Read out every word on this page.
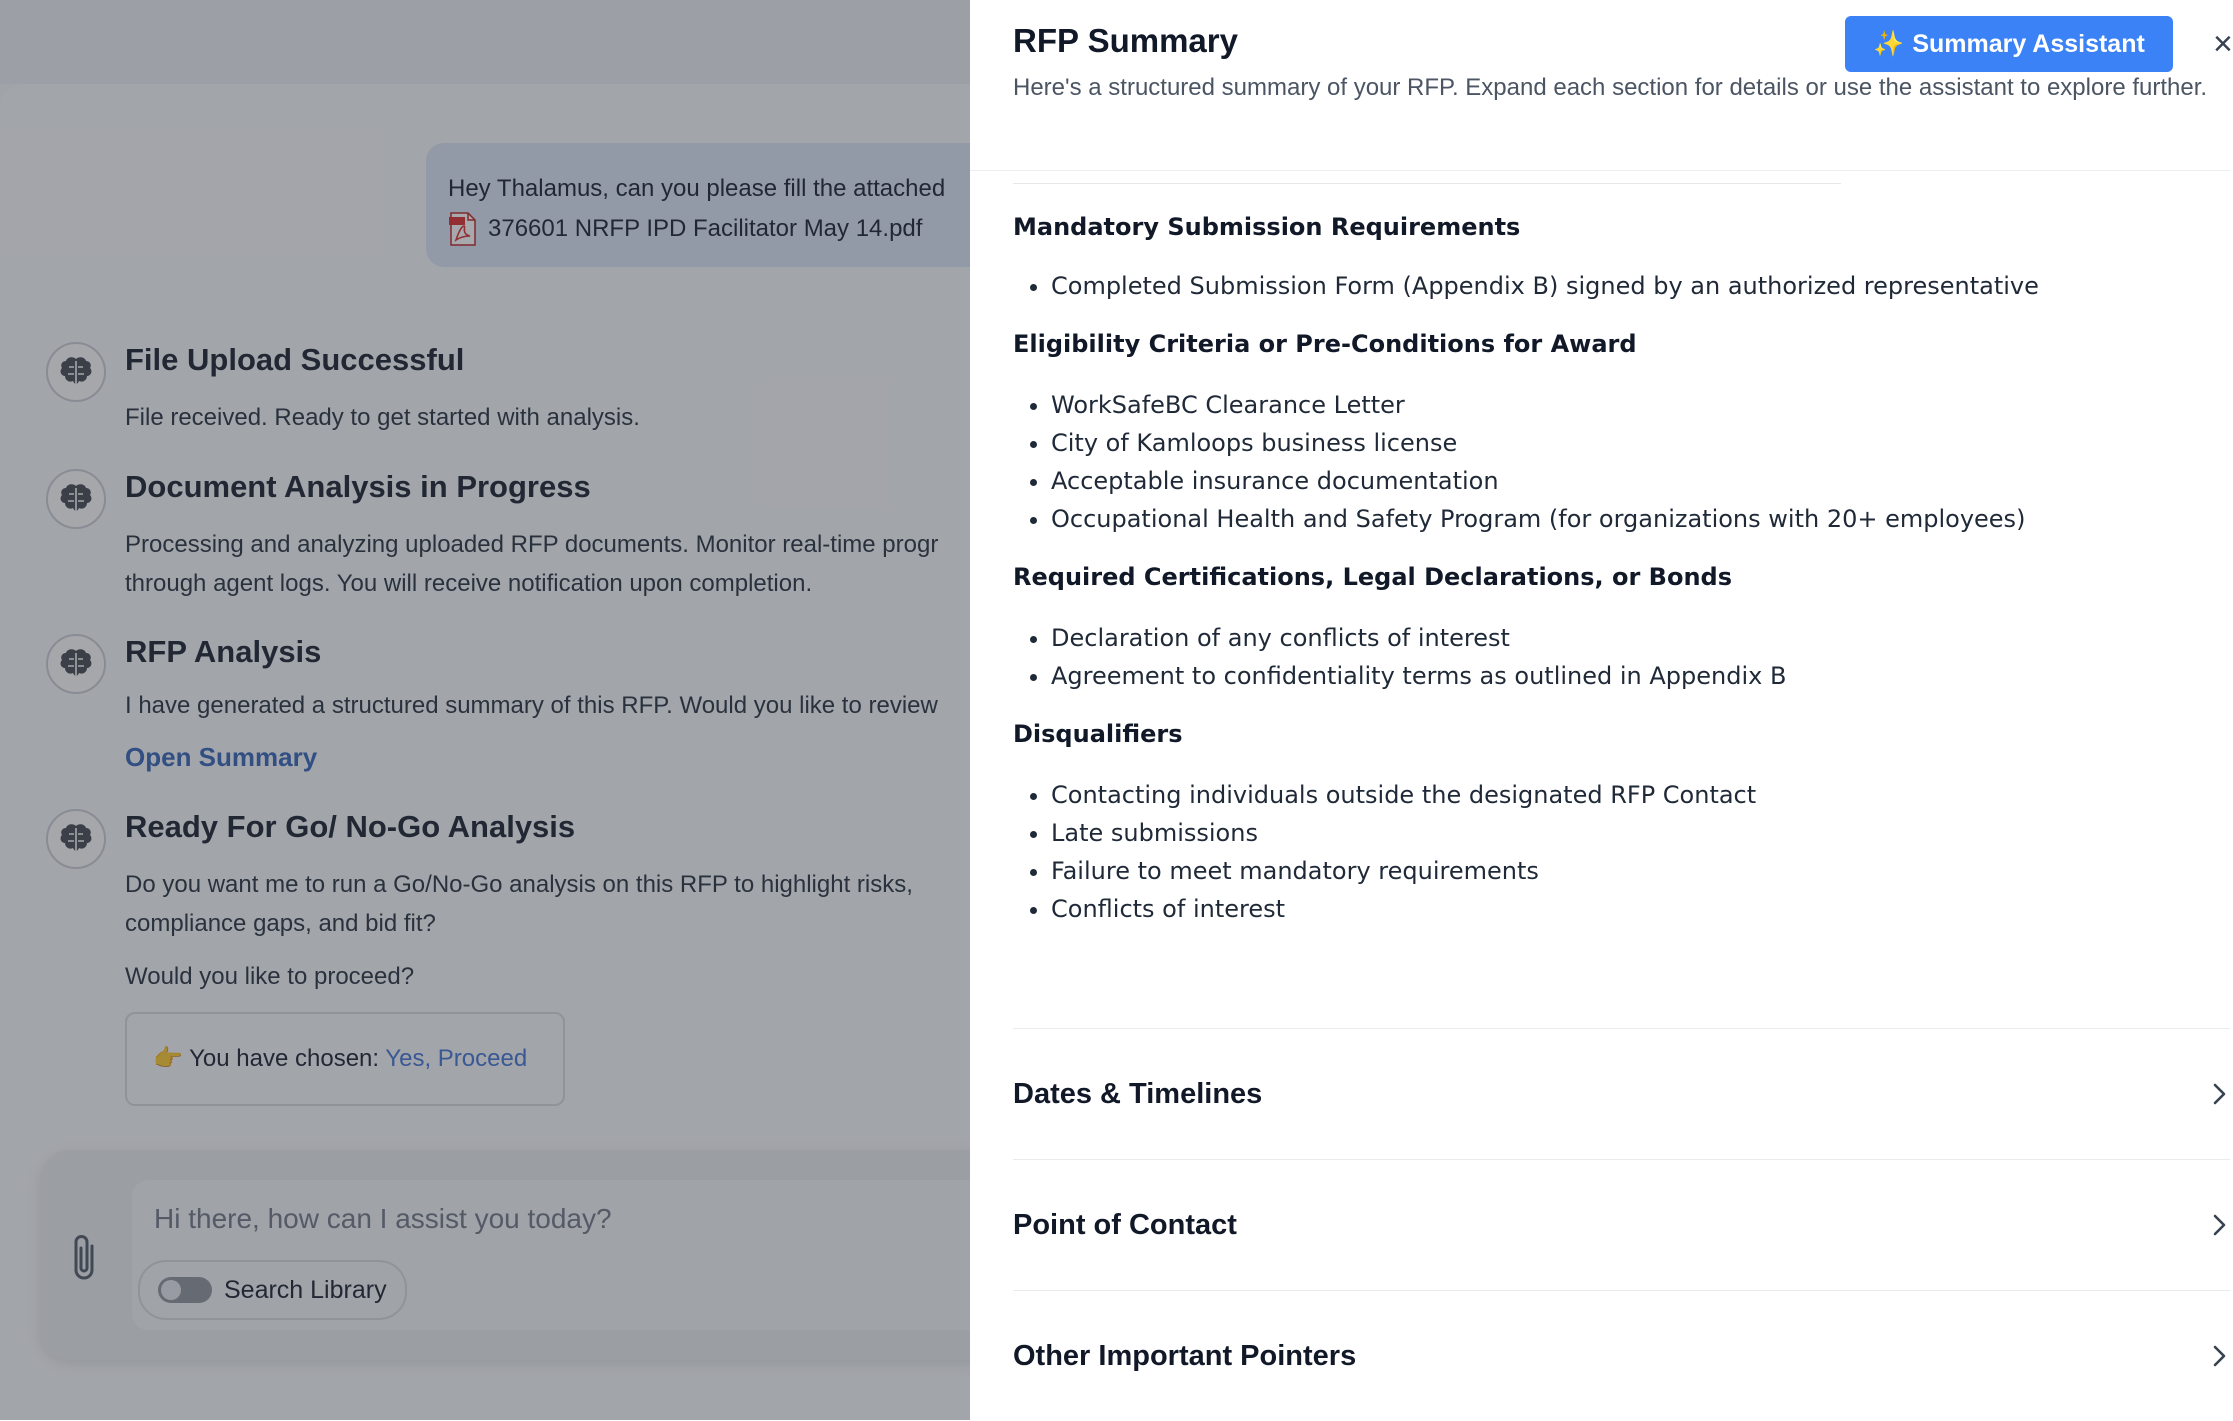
Hey Thalamus, can you please fill the attached
376601 NRFP IPD Facilitator May 14.pdf
File Upload Successful
File received. Ready to get started with analysis.
Document Analysis in Progress
Processing and analyzing uploaded RFP documents. Monitor real-time progr
through agent logs. You will receive notification upon completion.
RFP Analysis
I have generated a structured summary of this RFP. Would you like to review
Open Summary
Ready For Go/ No-Go Analysis
Do you want me to run a Go/No-Go analysis on this RFP to highlight risks,
compliance gaps, and bid fit?
Would you like to proceed?
👉 You have chosen: Yes, Proceed
Hi there, how can I assist you today?
Search Library
RFP Summary
Here's a structured summary of your RFP. Expand each section for details or use the assistant to explore further.
✨ Summary Assistant ×
Mandatory Submission Requirements
• Completed Submission Form (Appendix B) signed by an authorized representative
Eligibility Criteria or Pre-Conditions for Award
• WorkSafeBC Clearance Letter
• City of Kamloops business license
• Acceptable insurance documentation
• Occupational Health and Safety Program (for organizations with 20+ employees)
Required Certifications, Legal Declarations, or Bonds
• Declaration of any conflicts of interest
• Agreement to confidentiality terms as outlined in Appendix B
Disqualifiers
• Contacting individuals outside the designated RFP Contact
• Late submissions
• Failure to meet mandatory requirements
• Conflicts of interest
Dates & Timelines
Point of Contact
Other Important Pointers
